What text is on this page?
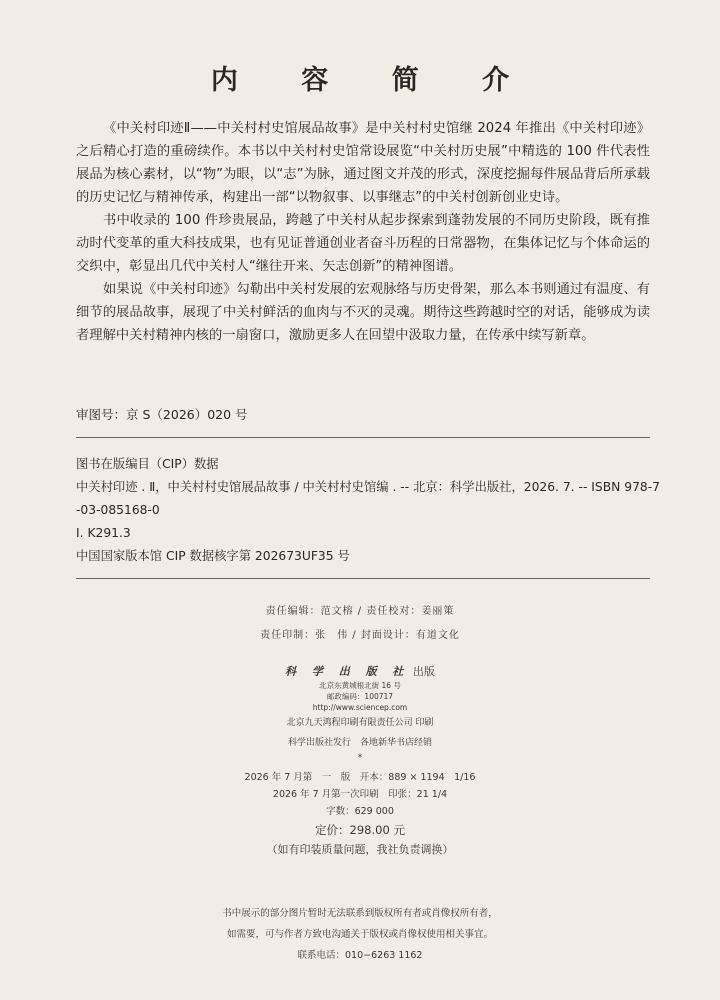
内 容 简 介

《中关村印迹Ⅱ——中关村村史馆展品故事》是中关村村史馆继 2024 年推出《中关村印迹》之后精心打造的重磅续作。本书以中关村村史馆常设展览“中关村历史展”中精选的 100 件代表性展品为核心素材，以“物”为眼，以“志”为脉，通过图文并茂的形式，深度挖掘每件展品背后所承载的历史记忆与精神传承，构建出一部“以物叙事、以事继志”的中关村创新创业史诗。

书中收录的 100 件珍贵展品，跨越了中关村从起步探索到蓬勃发展的不同历史阶段，既有推动时代变革的重大科技成果，也有见证普通创业者奋斗历程的日常器物，在集体记忆与个体命运的交织中，彰显出几代中关村人“继往开来、矢志创新”的精神图谱。

如果说《中关村印迹》勾勒出中关村发展的宏观脉络与历史骨架，那么本书则通过有温度、有细节的展品故事，展现了中关村鲜活的血肉与不灭的灵魂。期待这些跨越时空的对话，能够成为读者理解中关村精神内核的一扇窗口，激励更多人在回望中汲取力量，在传承中续写新章。

审图号：京 S（2026）020 号
图书在版编目（CIP）数据
中关村印迹 . Ⅱ，中关村村史馆展品故事 / 中关村村史馆编 . -- 北京：科学出版社，2026. 7. -- ISBN 978-7
-03-085168-0
Ⅰ. K291.3
中国国家版本馆 CIP 数据核字第 202673UF35 号
责任编辑：范文榕 / 责任校对：姜丽策
责任印制：张　伟 / 封面设计：有道文化
科 学 出 版 社 出版
北京东黄城根北街 16 号
邮政编码：100717
http://www.sciencep.com
北京九天鸿程印刷有限责任公司 印刷
科学出版社发行　各地新华书店经销
*
2026 年 7 月第　一　版　开本：889 × 1194　1/16
2026 年 7 月第一次印刷　印张：21 1/4
字数：629 000
定价：298.00 元
（如有印装质量问题，我社负责调换）
书中展示的部分图片暂时无法联系到版权所有者或肖像权所有者，
如需要，可与作者方致电沟通关于版权或肖像权使用相关事宜。
联系电话：010−6263 1162
